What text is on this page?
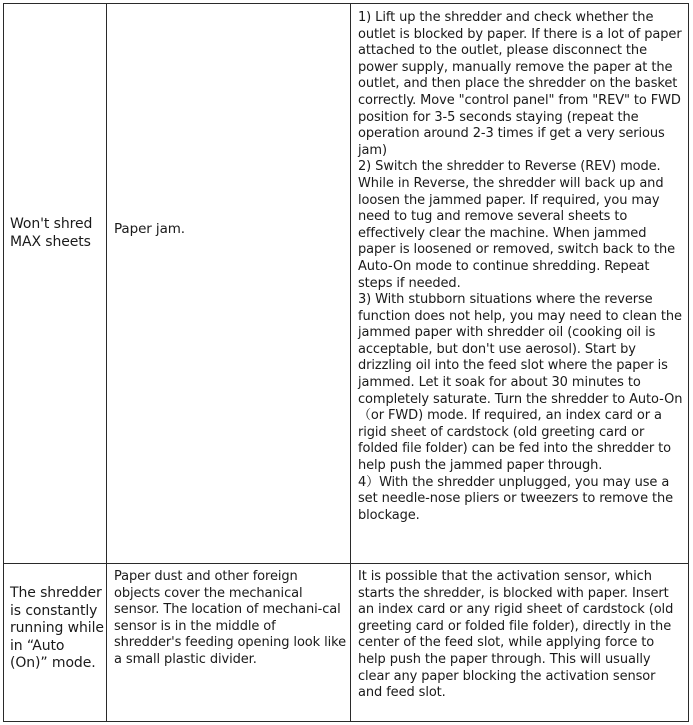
Won't shred MAX sheets
Paper jam.

1) Lift up the shredder and check whether the outlet is blocked by paper. If there is a lot of paper attached to the outlet, please disconnect the power supply, manually remove the paper at the outlet, and then place the shredder on the basket correctly. Move "control panel" from "REV" to FWD position for 3-5 seconds staying (repeat the operation around 2-3 times if get a very serious jam)

2) Switch the shredder to Reverse (REV) mode. While in Reverse, the shredder will back up and loosen the jammed paper. If required, you may need to tug and remove several sheets to effectively clear the machine. When jammed paper is loosened or removed, switch back to the Auto-On mode to continue shredding. Repeat steps if needed.

3) With stubborn situations where the reverse function does not help, you may need to clean the jammed paper with shredder oil (cooking oil is acceptable, but don't use aerosol). Start by drizzling oil into the feed slot where the paper is jammed. Let it soak for about 30 minutes to completely saturate. Turn the shredder to Auto-On （or FWD) mode. If required, an index card or a rigid sheet of cardstock (old greeting card or folded file folder) can be fed into the shredder to help push the jammed paper through.

4）With the shredder unplugged, you may use a set needle-nose pliers or tweezers to remove the blockage.

The shredder is constantly running while in “Auto (On)” mode.
Paper dust and other foreign objects cover the mechanical sensor. The location of mechani-cal sensor is in the middle of shredder's feeding opening look like a small plastic divider.

It is possible that the activation sensor, which starts the shredder, is blocked with paper. Insert an index card or any rigid sheet of cardstock (old greeting card or folded file folder), directly in the center of the feed slot, while applying force to help push the paper through. This will usually clear any paper blocking the activation sensor and feed slot.
